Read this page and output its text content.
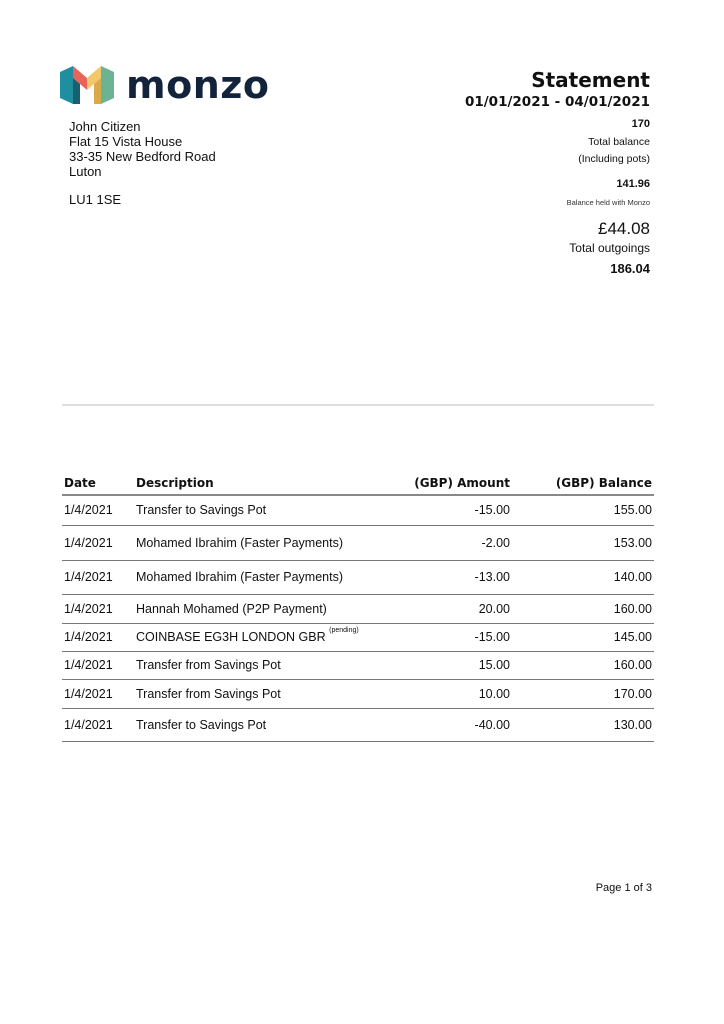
monzo	Statement
01/01/2021 - 04/01/2021
John Citizen
Flat 15 Vista House
33-35 New Bedford Road
Luton
LU1 1SE
170
Total balance
(Including pots)
141.96
Balance held with Monzo
£44.08
Total outgoings
186.04
Date	Description	(GBP) Amount	(GBP) Balance
1/4/2021	Transfer to Savings Pot	-15.00	155.00
1/4/2021	Mohamed Ibrahim (Faster Payments)	-2.00	153.00
1/4/2021	Mohamed Ibrahim (Faster Payments)	-13.00	140.00
1/4/2021	Hannah Mohamed (P2P Payment)	20.00	160.00
1/4/2021	COINBASE EG3H LONDON GBR $^{(pending)}$	-15.00	145.00
1/4/2021	Transfer from Savings Pot	15.00	160.00
1/4/2021	Transfer from Savings Pot	10.00	170.00
1/4/2021	Transfer to Savings Pot	-40.00	130.00
Page 1 of 3
